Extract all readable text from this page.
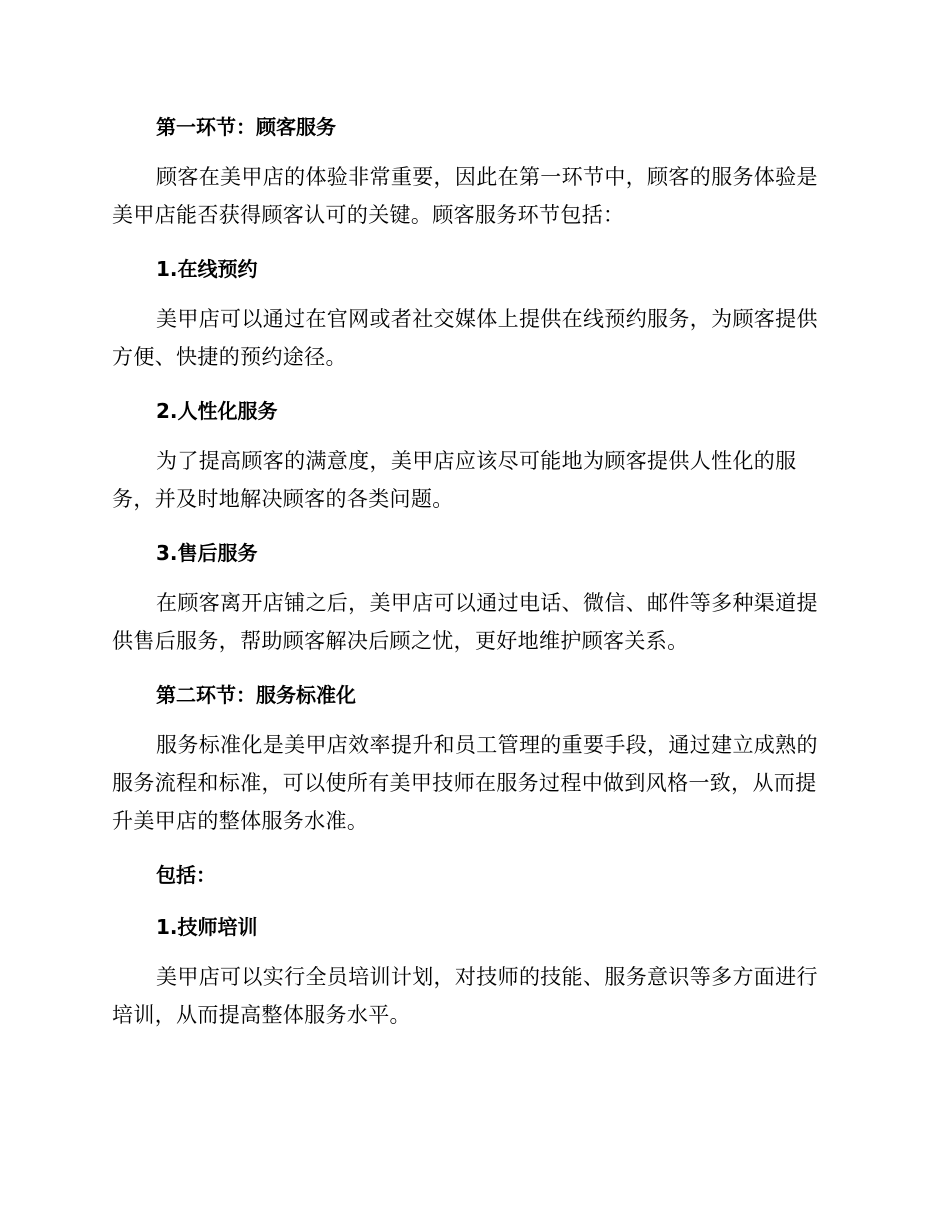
第一环节：顾客服务
顾客在美甲店的体验非常重要，因此在第一环节中，顾客的服务体验是
美甲店能否获得顾客认可的关键。顾客服务环节包括：
1.在线预约
美甲店可以通过在官网或者社交媒体上提供在线预约服务，为顾客提供
方便、快捷的预约途径。
2.人性化服务
为了提高顾客的满意度，美甲店应该尽可能地为顾客提供人性化的服
务，并及时地解决顾客的各类问题。
3.售后服务
在顾客离开店铺之后，美甲店可以通过电话、微信、邮件等多种渠道提
供售后服务，帮助顾客解决后顾之忧，更好地维护顾客关系。
第二环节：服务标准化
服务标准化是美甲店效率提升和员工管理的重要手段，通过建立成熟的
服务流程和标准，可以使所有美甲技师在服务过程中做到风格一致，从而提
升美甲店的整体服务水准。
包括：
1.技师培训
美甲店可以实行全员培训计划，对技师的技能、服务意识等多方面进行
培训，从而提高整体服务水平。
